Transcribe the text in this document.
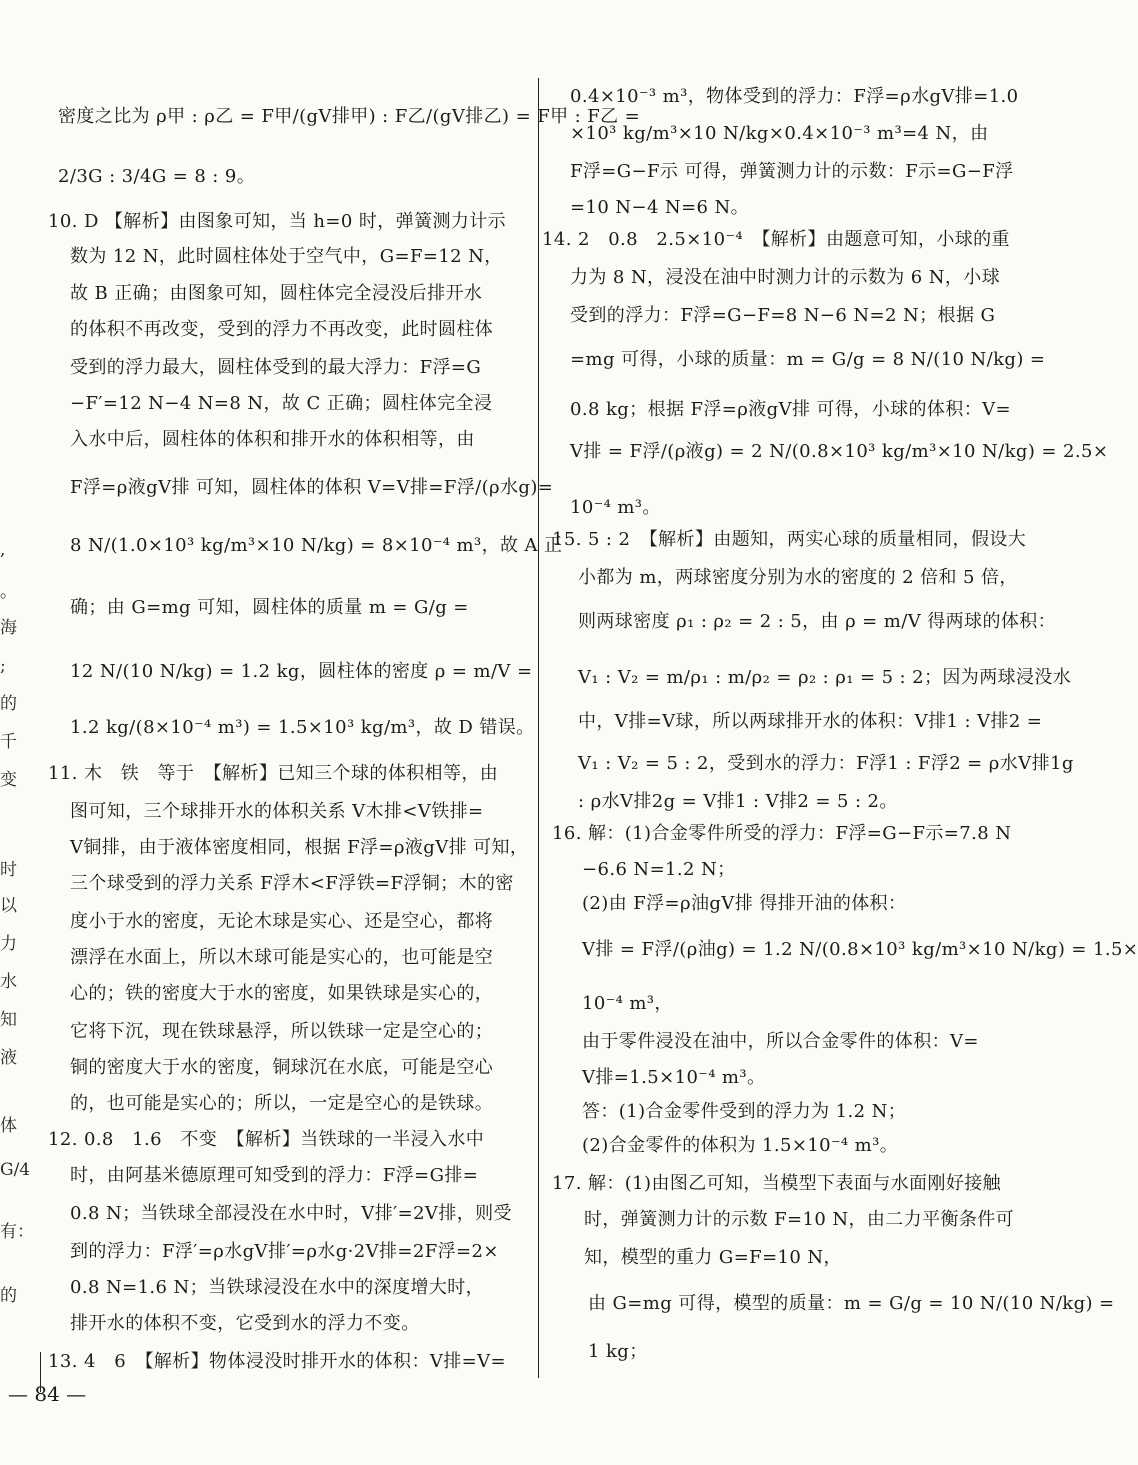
,
。
海
;
的
千
变
时
以
力
水
知
液
体
G/4
有：
的
密度之比为 ρ甲 : ρ乙 = F甲/(gV排甲) : F乙/(gV排乙) = F甲 : F乙 =
2/3G : 3/4G = 8 : 9。
10. D 【解析】由图象可知，当 h=0 时，弹簧测力计示
数为 12 N，此时圆柱体处于空气中，G=F=12 N，
故 B 正确；由图象可知，圆柱体完全浸没后排开水
的体积不再改变，受到的浮力不再改变，此时圆柱体
受到的浮力最大，圆柱体受到的最大浮力：F浮=G
−F′=12 N−4 N=8 N，故 C 正确；圆柱体完全浸
入水中后，圆柱体的体积和排开水的体积相等，由
F浮=ρ液gV排 可知，圆柱体的体积 V=V排=F浮/(ρ水g)=
8 N/(1.0×10³ kg/m³×10 N/kg) = 8×10⁻⁴ m³，故 A 正
确；由 G=mg 可知，圆柱体的质量 m = G/g =
12 N/(10 N/kg) = 1.2 kg，圆柱体的密度 ρ = m/V =
1.2 kg/(8×10⁻⁴ m³) = 1.5×10³ kg/m³，故 D 错误。
11. 木　铁　等于　【解析】已知三个球的体积相等，由
图可知，三个球排开水的体积关系 V木排<V铁排=
V铜排，由于液体密度相同，根据 F浮=ρ液gV排 可知，
三个球受到的浮力关系 F浮木<F浮铁=F浮铜；木的密
度小于水的密度，无论木球是实心、还是空心，都将
漂浮在水面上，所以木球可能是实心的，也可能是空
心的；铁的密度大于水的密度，如果铁球是实心的，
它将下沉，现在铁球悬浮，所以铁球一定是空心的；
铜的密度大于水的密度，铜球沉在水底，可能是空心
的，也可能是实心的；所以，一定是空心的是铁球。
12. 0.8　1.6　不变　【解析】当铁球的一半浸入水中
时，由阿基米德原理可知受到的浮力：F浮=G排=
0.8 N；当铁球全部浸没在水中时，V排′=2V排，则受
到的浮力：F浮′=ρ水gV排′=ρ水g·2V排=2F浮=2×
0.8 N=1.6 N；当铁球浸没在水中的深度增大时，
排开水的体积不变，它受到水的浮力不变。
13. 4　6　【解析】物体浸没时排开水的体积：V排=V=
0.4×10⁻³ m³，物体受到的浮力：F浮=ρ水gV排=1.0
×10³ kg/m³×10 N/kg×0.4×10⁻³ m³=4 N，由
F浮=G−F示 可得，弹簧测力计的示数：F示=G−F浮
=10 N−4 N=6 N。
14. 2　0.8　2.5×10⁻⁴　【解析】由题意可知，小球的重
力为 8 N，浸没在油中时测力计的示数为 6 N，小球
受到的浮力：F浮=G−F=8 N−6 N=2 N；根据 G
=mg 可得，小球的质量：m = G/g = 8 N/(10 N/kg) =
0.8 kg；根据 F浮=ρ液gV排 可得，小球的体积：V=
V排 = F浮/(ρ液g) = 2 N/(0.8×10³ kg/m³×10 N/kg) = 2.5×
10⁻⁴ m³。
15. 5 : 2　【解析】由题知，两实心球的质量相同，假设大
小都为 m，两球密度分别为水的密度的 2 倍和 5 倍，
则两球密度 ρ₁ : ρ₂ = 2 : 5，由 ρ = m/V 得两球的体积：
V₁ : V₂ = m/ρ₁ : m/ρ₂ = ρ₂ : ρ₁ = 5 : 2；因为两球浸没水
中，V排=V球，所以两球排开水的体积：V排1 : V排2 =
V₁ : V₂ = 5 : 2，受到水的浮力：F浮1 : F浮2 = ρ水V排1g
: ρ水V排2g = V排1 : V排2 = 5 : 2。
16. 解：(1)合金零件所受的浮力：F浮=G−F示=7.8 N
−6.6 N=1.2 N；
(2)由 F浮=ρ油gV排 得排开油的体积：
V排 = F浮/(ρ油g) = 1.2 N/(0.8×10³ kg/m³×10 N/kg) = 1.5×
10⁻⁴ m³，
由于零件浸没在油中，所以合金零件的体积：V=
V排=1.5×10⁻⁴ m³。
答：(1)合金零件受到的浮力为 1.2 N；
(2)合金零件的体积为 1.5×10⁻⁴ m³。
17. 解：(1)由图乙可知，当模型下表面与水面刚好接触
时，弹簧测力计的示数 F=10 N，由二力平衡条件可
知，模型的重力 G=F=10 N，
由 G=mg 可得，模型的质量：m = G/g = 10 N/(10 N/kg) =
1 kg；
— 84 —
